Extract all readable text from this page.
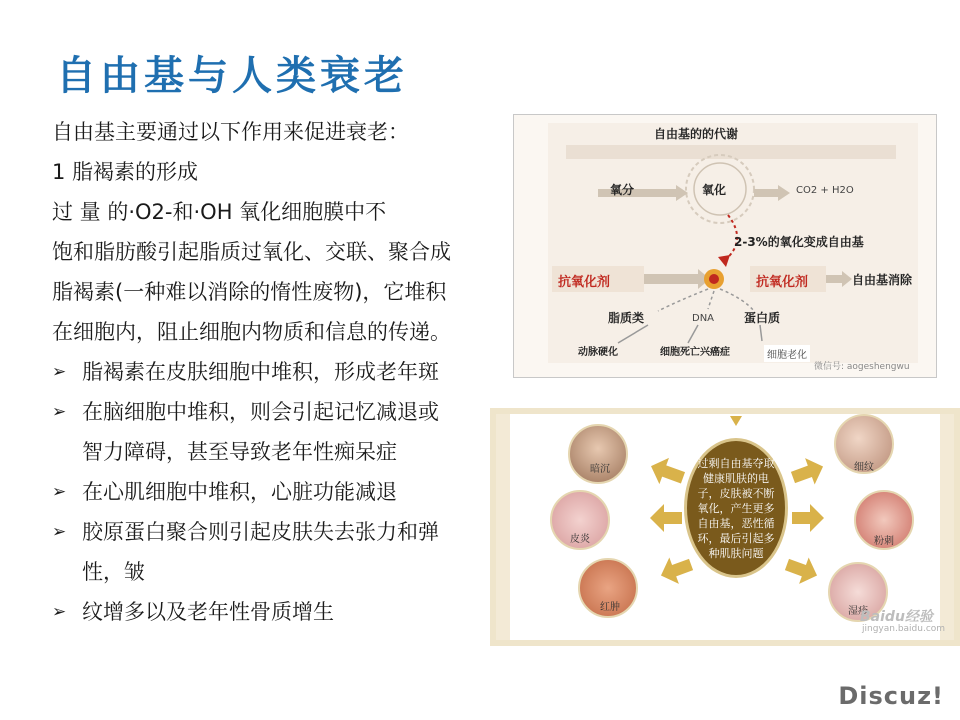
自由基与人类衰老
自由基主要通过以下作用来促进衰老：
1 脂褐素的形成
过 量 的·O2-和·OH 氧化细胞膜中不
饱和脂肪酸引起脂质过氧化、交联、聚合成
脂褐素(一种难以消除的惰性废物)，它堆积
在细胞内，阻止细胞内物质和信息的传递。
➢ 脂褐素在皮肤细胞中堆积，形成老年斑
➢ 在脑细胞中堆积，则会引起记忆减退或
智力障碍，甚至导致老年性痴呆症
➢ 在心肌细胞中堆积，心脏功能减退
➢ 胶原蛋白聚合则引起皮肤失去张力和弹
性，皱
➢ 纹增多以及老年性骨质增生
自由基的的代谢
氧分	氧化	CO2 + H2O
2-3%的氧化变成自由基
抗氧化剂	抗氧化剂	自由基消除
脂质类	DNA 蛋白质
动脉硬化	细胞死亡兴癌症	细胞老化
微信号: aogeshengwu
过剩自由基夺取健康肌肤的电子，皮肤被不断氧化，产生更多自由基，恶性循环，最后引起多种肌肤问题
暗沉
皮炎
红肿
细纹
粉刺
湿疹
Baidu经验
jingyan.baidu.com
Discuz!
